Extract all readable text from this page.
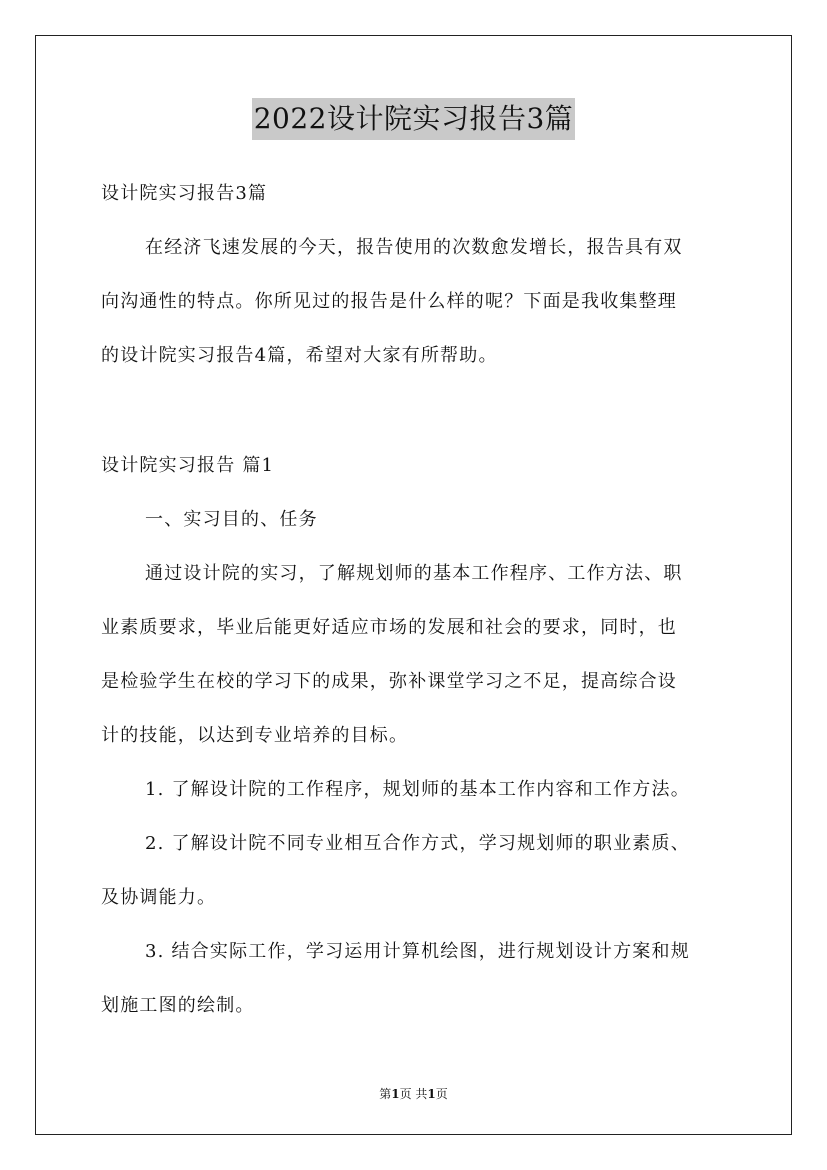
2022设计院实习报告3篇
设计院实习报告3篇
在经济飞速发展的今天，报告使用的次数愈发增长，报告具有双
向沟通性的特点。你所见过的报告是什么样的呢？下面是我收集整理
的设计院实习报告4篇，希望对大家有所帮助。
设计院实习报告 篇1
一、实习目的、任务
通过设计院的实习，了解规划师的基本工作程序、工作方法、职
业素质要求，毕业后能更好适应市场的发展和社会的要求，同时，也
是检验学生在校的学习下的成果，弥补课堂学习之不足，提高综合设
计的技能，以达到专业培养的目标。
1. 了解设计院的工作程序，规划师的基本工作内容和工作方法。
2. 了解设计院不同专业相互合作方式，学习规划师的职业素质、
及协调能力。
3. 结合实际工作，学习运用计算机绘图，进行规划设计方案和规
划施工图的绘制。
第1页 共1页
